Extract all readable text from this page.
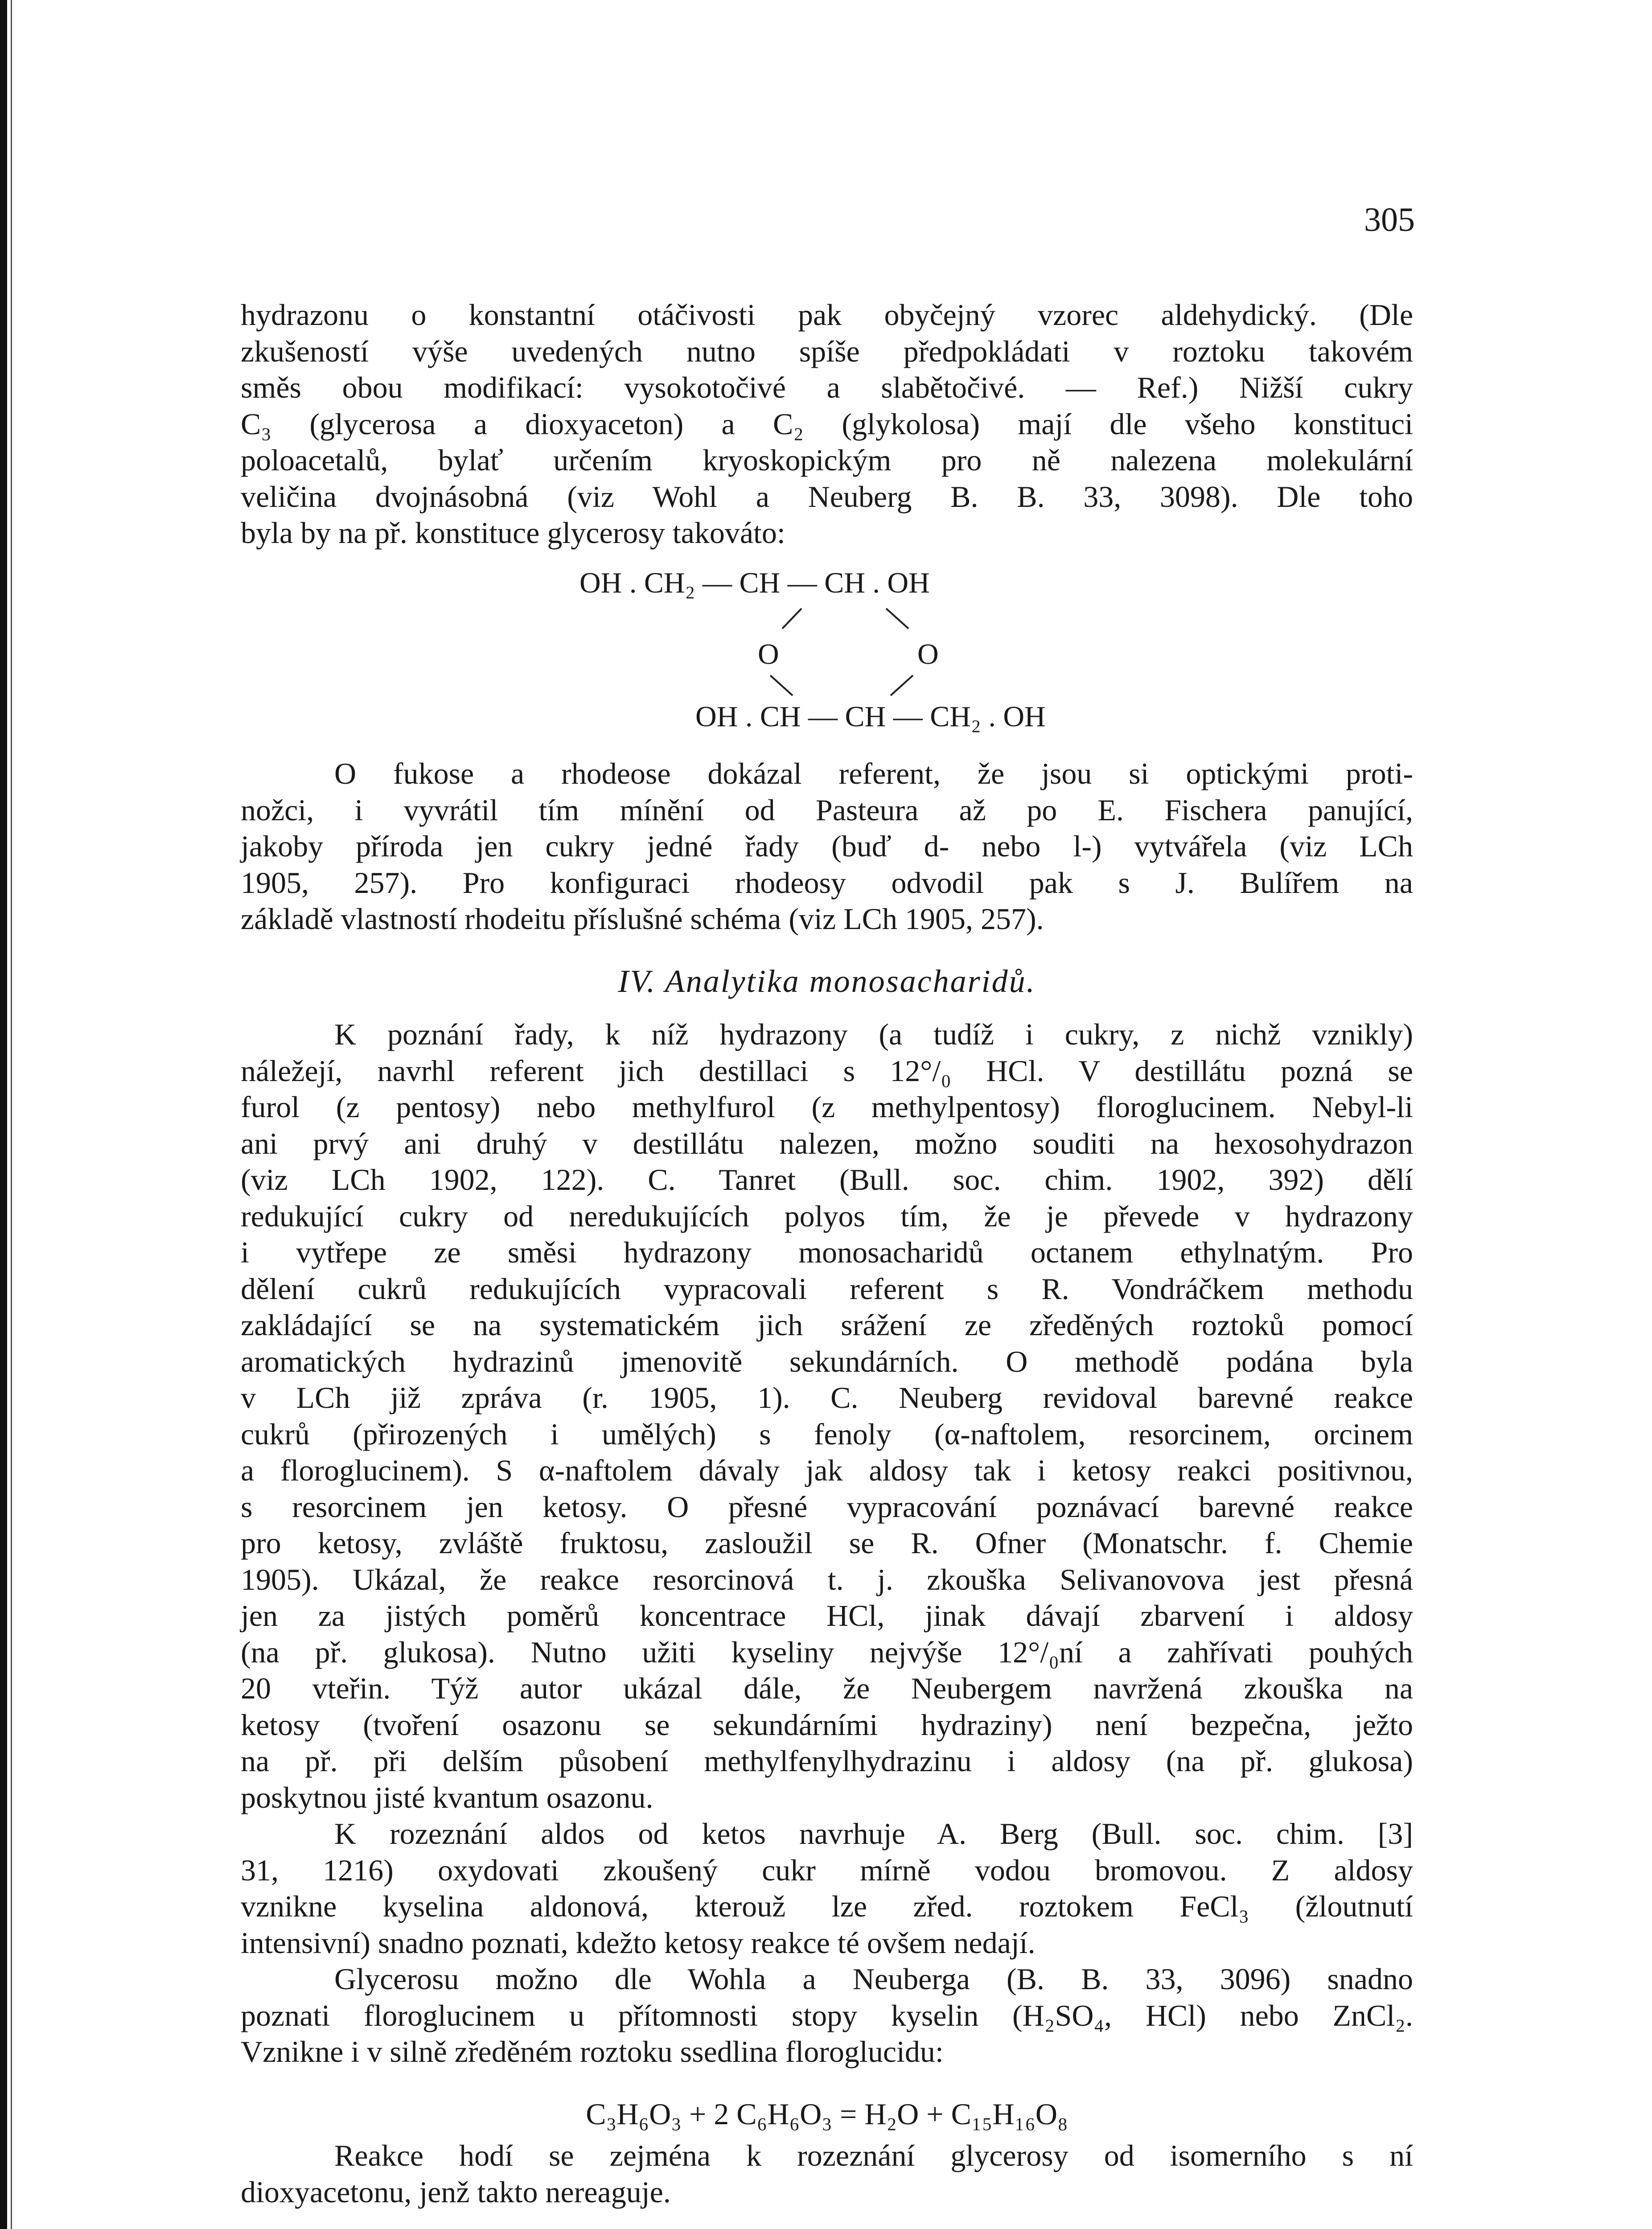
305
hydrazonu o konstantní otáčivosti pak obyčejný vzorec aldehydický. (Dle
zkušeností výše uvedených nutno spíše předpokládati v roztoku takovém
směs obou modifikací: vysokotočivé a slabětočivé. — Ref.) Nižší cukry
C₃ (glycerosa a dioxyaceton) a C₂ (glykolosa) mají dle všeho konstituci
poloacetalů, bylať určením kryoskopickým pro ně nalezena molekulární
veličina dvojnásobná (viz Wohl a Neuberg B. B. 33, 3098). Dle toho
byla by na př. konstituce glycerosy takováto:
OH . CH₂ — CH — CH . OH
O	O
OH . CH — CH — CH₂ . OH
O fukose a rhodeose dokázal referent, že jsou si optickými proti-
nožci, i vyvrátil tím mínění od Pasteura až po E. Fischera panující,
jakoby příroda jen cukry jedné řady (buď d- nebo l-) vytvářela (viz LCh
1905, 257). Pro konfiguraci rhodeosy odvodil pak s J. Bulířem na
základě vlastností rhodeitu příslušné schéma (viz LCh 1905, 257).
IV. Analytika monosacharidů.
K poznání řady, k níž hydrazony (a tudíž i cukry, z nichž vznikly)
náležejí, navrhl referent jich destillaci s 12°/₀ HCl. V destillátu pozná se
furol (z pentosy) nebo methylfurol (z methylpentosy) floroglucinem. Nebyl-li
ani prvý ani druhý v destillátu nalezen, možno souditi na hexosohydrazon
(viz LCh 1902, 122). C. Tanret (Bull. soc. chim. 1902, 392) dělí
redukující cukry od neredukujících polyos tím, že je převede v hydrazony
i vytřepe ze směsi hydrazony monosacharidů octanem ethylnatým. Pro
dělení cukrů redukujících vypracovali referent s R. Vondráčkem methodu
zakládající se na systematickém jich srážení ze zředěných roztoků pomocí
aromatických hydrazinů jmenovitě sekundárních. O methodě podána byla
v LCh již zpráva (r. 1905, 1). C. Neuberg revidoval barevné reakce
cukrů (přirozených i umělých) s fenoly (α-naftolem, resorcinem, orcinem
a floroglucinem). S α-naftolem dávaly jak aldosy tak i ketosy reakci positivnou,
s resorcinem jen ketosy. O přesné vypracování poznávací barevné reakce
pro ketosy, zvláště fruktosu, zasloužil se R. Ofner (Monatschr. f. Chemie
1905). Ukázal, že reakce resorcinová t. j. zkouška Selivanovova jest přesná
jen za jistých poměrů koncentrace HCl, jinak dávají zbarvení i aldosy
(na př. glukosa). Nutno užiti kyseliny nejvýše 12°/₀ní a zahřívati pouhých
20 vteřin. Týž autor ukázal dále, že Neubergem navržená zkouška na
ketosy (tvoření osazonu se sekundárními hydraziny) není bezpečna, ježto
na př. při delším působení methylfenylhydrazinu i aldosy (na př. glukosa)
poskytnou jisté kvantum osazonu.
K rozeznání aldos od ketos navrhuje A. Berg (Bull. soc. chim. [3]
31, 1216) oxydovati zkoušený cukr mírně vodou bromovou. Z aldosy
vznikne kyselina aldonová, kterouž lze zřed. roztokem FeCl₃ (žloutnutí
intensivní) snadno poznati, kdežto ketosy reakce té ovšem nedají.
Glycerosu možno dle Wohla a Neuberga (B. B. 33, 3096) snadno
poznati floroglucinem u přítomnosti stopy kyselin (H₂SO₄, HCl) nebo ZnCl₂.
Vznikne i v silně zředěném roztoku ssedlina floroglucidu:
C₃H₆O₃ + 2 C₆H₆O₃ = H₂O + C₁₅H₁₆O₈
Reakce hodí se zejména k rozeznání glycerosy od isomerního s ní
dioxyacetonu, jenž takto nereaguje.
